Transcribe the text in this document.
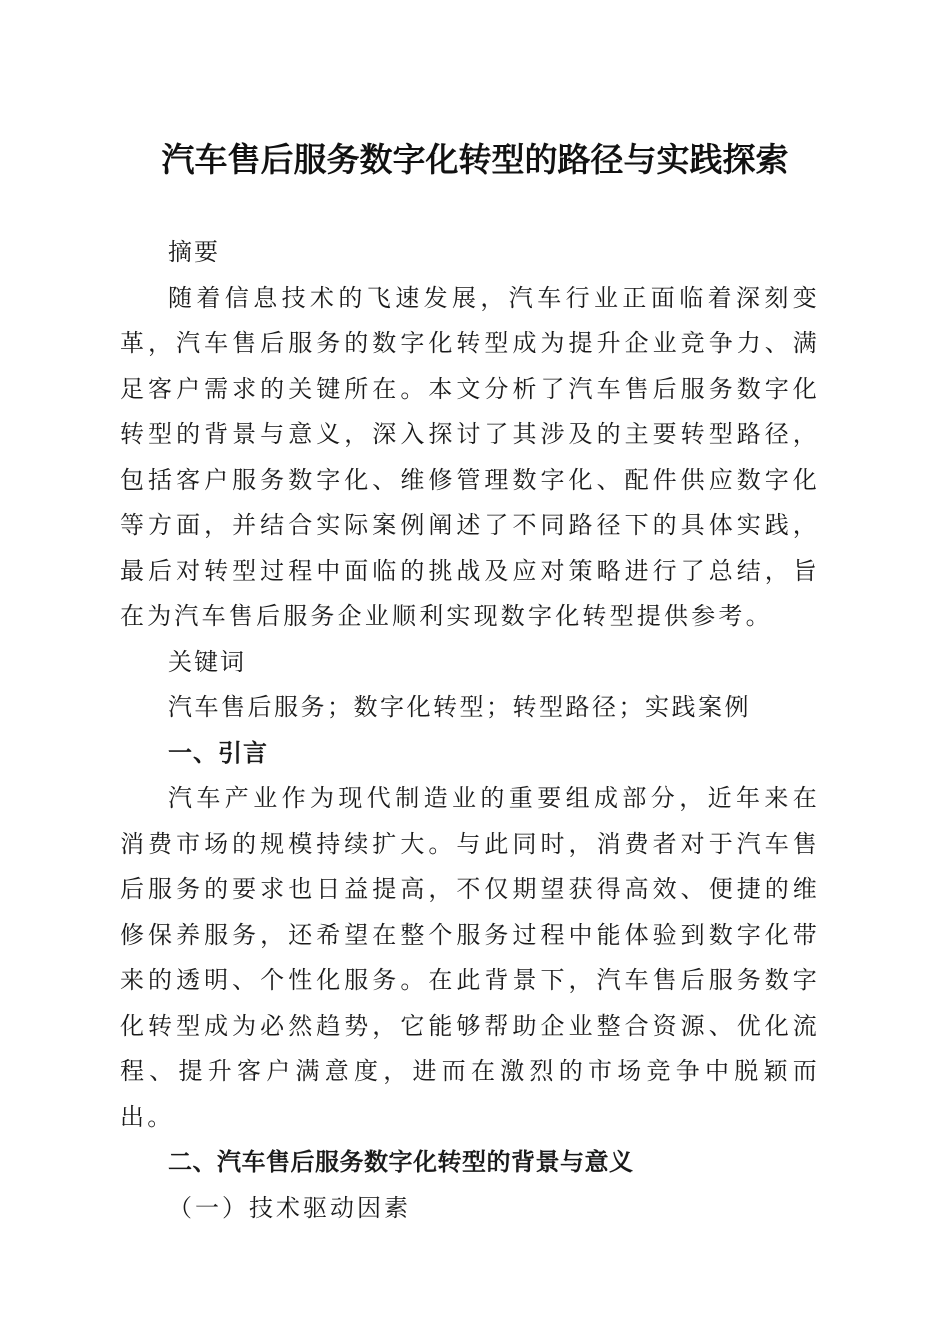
汽车售后服务数字化转型的路径与实践探索
摘要
随着信息技术的飞速发展，汽车行业正面临着深刻变革，汽车售后服务的数字化转型成为提升企业竞争力、满足客户需求的关键所在。本文分析了汽车售后服务数字化转型的背景与意义，深入探讨了其涉及的主要转型路径，包括客户服务数字化、维修管理数字化、配件供应数字化等方面，并结合实际案例阐述了不同路径下的具体实践，最后对转型过程中面临的挑战及应对策略进行了总结，旨在为汽车售后服务企业顺利实现数字化转型提供参考。
关键词
汽车售后服务；数字化转型；转型路径；实践案例
一、引言
汽车产业作为现代制造业的重要组成部分，近年来在消费市场的规模持续扩大。与此同时，消费者对于汽车售后服务的要求也日益提高，不仅期望获得高效、便捷的维修保养服务，还希望在整个服务过程中能体验到数字化带来的透明、个性化服务。在此背景下，汽车售后服务数字化转型成为必然趋势，它能够帮助企业整合资源、优化流程、提升客户满意度，进而在激烈的市场竞争中脱颖而出。
二、汽车售后服务数字化转型的背景与意义
（一）技术驱动因素
